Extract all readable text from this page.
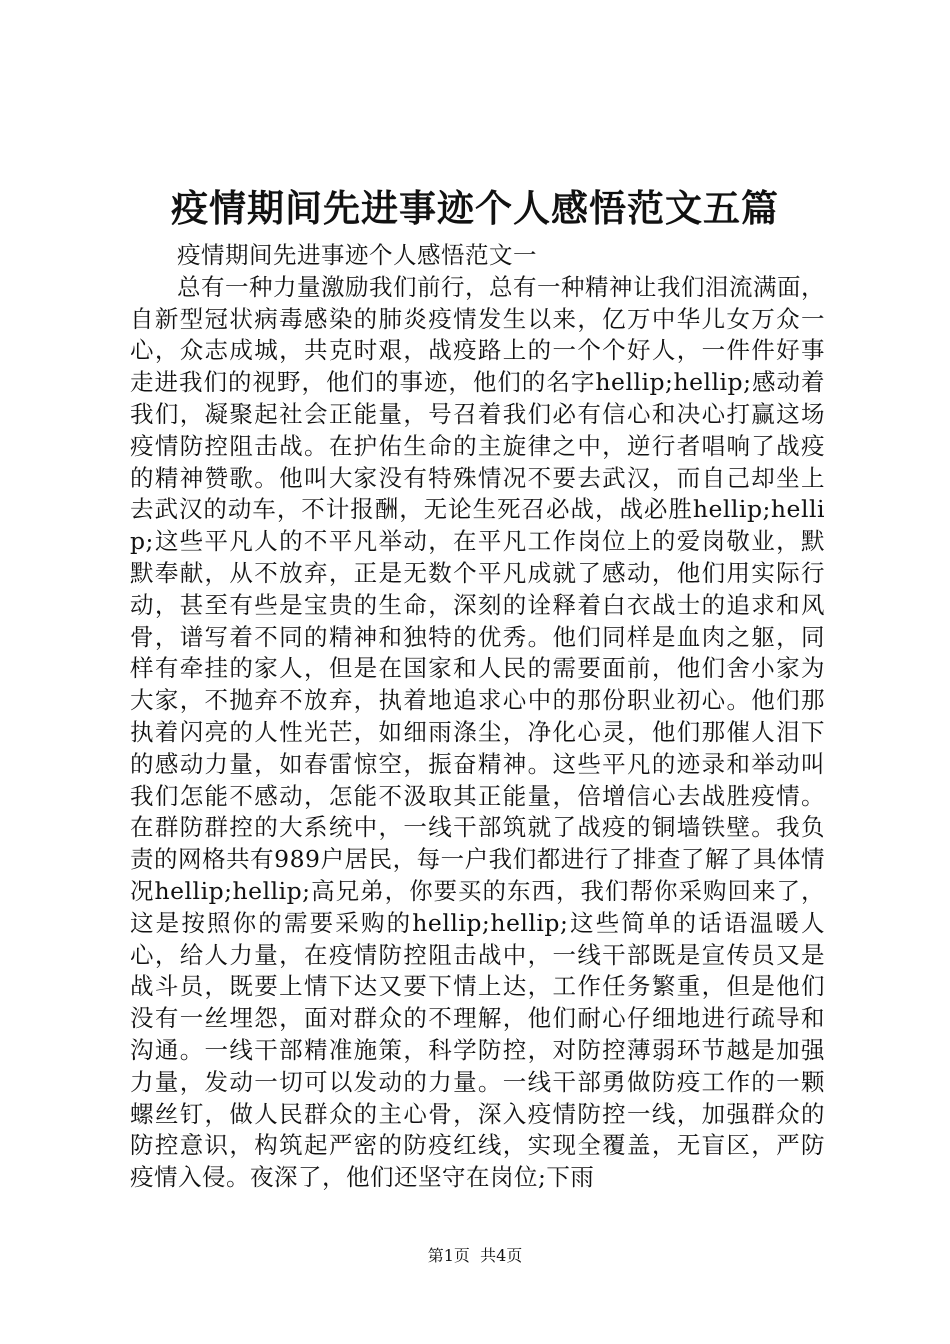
疫情期间先进事迹个人感悟范文五篇

疫情期间先进事迹个人感悟范文一

总有一种力量激励我们前行，总有一种精神让我们泪流满面，自新型冠状病毒感染的肺炎疫情发生以来，亿万中华儿女万众一心，众志成城，共克时艰，战疫路上的一个个好人，一件件好事走进我们的视野，他们的事迹，他们的名字hellip;hellip;感动着我们，凝聚起社会正能量，号召着我们必有信心和决心打赢这场疫情防控阻击战。在护佑生命的主旋律之中，逆行者唱响了战疫的精神赞歌。他叫大家没有特殊情况不要去武汉，而自己却坐上去武汉的动车，不计报酬，无论生死召必战，战必胜hellip;hellip;这些平凡人的不平凡举动，在平凡工作岗位上的爱岗敬业，默默奉献，从不放弃，正是无数个平凡成就了感动，他们用实际行动，甚至有些是宝贵的生命，深刻的诠释着白衣战士的追求和风骨，谱写着不同的精神和独特的优秀。他们同样是血肉之躯，同样有牵挂的家人，但是在国家和人民的需要面前，他们舍小家为大家，不抛弃不放弃，执着地追求心中的那份职业初心。他们那执着闪亮的人性光芒，如细雨涤尘，净化心灵，他们那催人泪下的感动力量，如春雷惊空，振奋精神。这些平凡的迹录和举动叫我们怎能不感动，怎能不汲取其正能量，倍增信心去战胜疫情。在群防群控的大系统中，一线干部筑就了战疫的铜墙铁壁。我负责的网格共有989户居民，每一户我们都进行了排查了解了具体情况hellip;hellip;高兄弟，你要买的东西，我们帮你采购回来了，这是按照你的需要采购的hellip;hellip;这些简单的话语温暖人心，给人力量，在疫情防控阻击战中，一线干部既是宣传员又是战斗员，既要上情下达又要下情上达，工作任务繁重，但是他们没有一丝埋怨，面对群众的不理解，他们耐心仔细地进行疏导和沟通。一线干部精准施策，科学防控，对防控薄弱环节越是加强力量，发动一切可以发动的力量。一线干部勇做防疫工作的一颗螺丝钉，做人民群众的主心骨，深入疫情防控一线，加强群众的防控意识，构筑起严密的防疫红线，实现全覆盖，无盲区，严防疫情入侵。夜深了，他们还坚守在岗位;下雨

第1页 共4页
